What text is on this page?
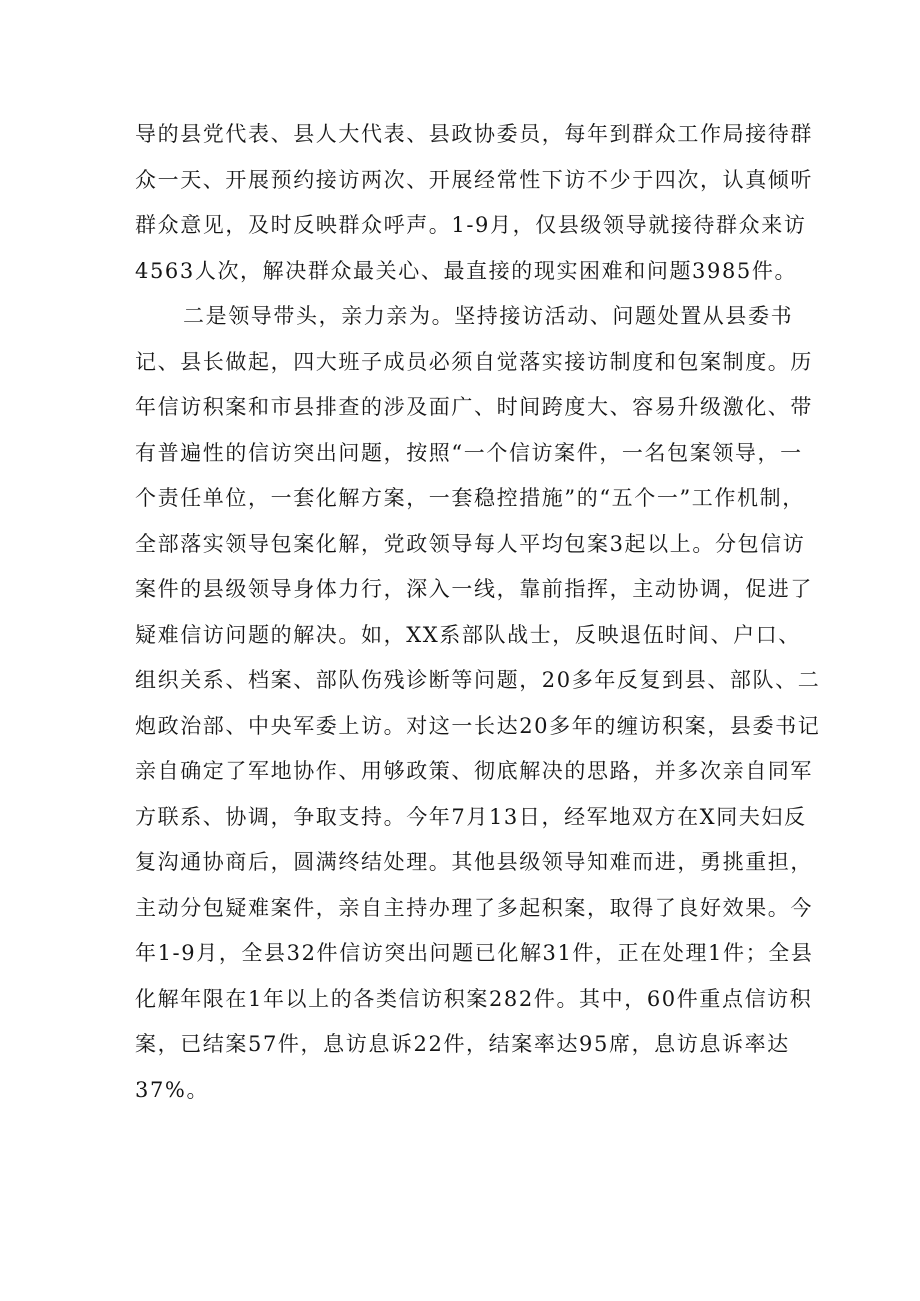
导的县党代表、县人大代表、县政协委员，每年到群众工作局接待群
众一天、开展预约接访两次、开展经常性下访不少于四次，认真倾听
群众意见，及时反映群众呼声。1-9月，仅县级领导就接待群众来访
4563人次，解决群众最关心、最直接的现实困难和问题3985件。
二是领导带头，亲力亲为。坚持接访活动、问题处置从县委书
记、县长做起，四大班子成员必须自觉落实接访制度和包案制度。历
年信访积案和市县排查的涉及面广、时间跨度大、容易升级激化、带
有普遍性的信访突出问题，按照“一个信访案件，一名包案领导，一
个责任单位，一套化解方案，一套稳控措施”的“五个一”工作机制，
全部落实领导包案化解，党政领导每人平均包案3起以上。分包信访
案件的县级领导身体力行，深入一线，靠前指挥，主动协调，促进了
疑难信访问题的解决。如，XX系部队战士，反映退伍时间、户口、
组织关系、档案、部队伤残诊断等问题，20多年反复到县、部队、二
炮政治部、中央军委上访。对这一长达20多年的缠访积案，县委书记
亲自确定了军地协作、用够政策、彻底解决的思路，并多次亲自同军
方联系、协调，争取支持。今年7月13日，经军地双方在X同夫妇反
复沟通协商后，圆满终结处理。其他县级领导知难而进，勇挑重担，
主动分包疑难案件，亲自主持办理了多起积案，取得了良好效果。今
年1-9月，全县32件信访突出问题已化解31件，正在处理1件；全县
化解年限在1年以上的各类信访积案282件。其中，60件重点信访积
案，已结案57件，息访息诉22件，结案率达95席，息访息诉率达
37%。
